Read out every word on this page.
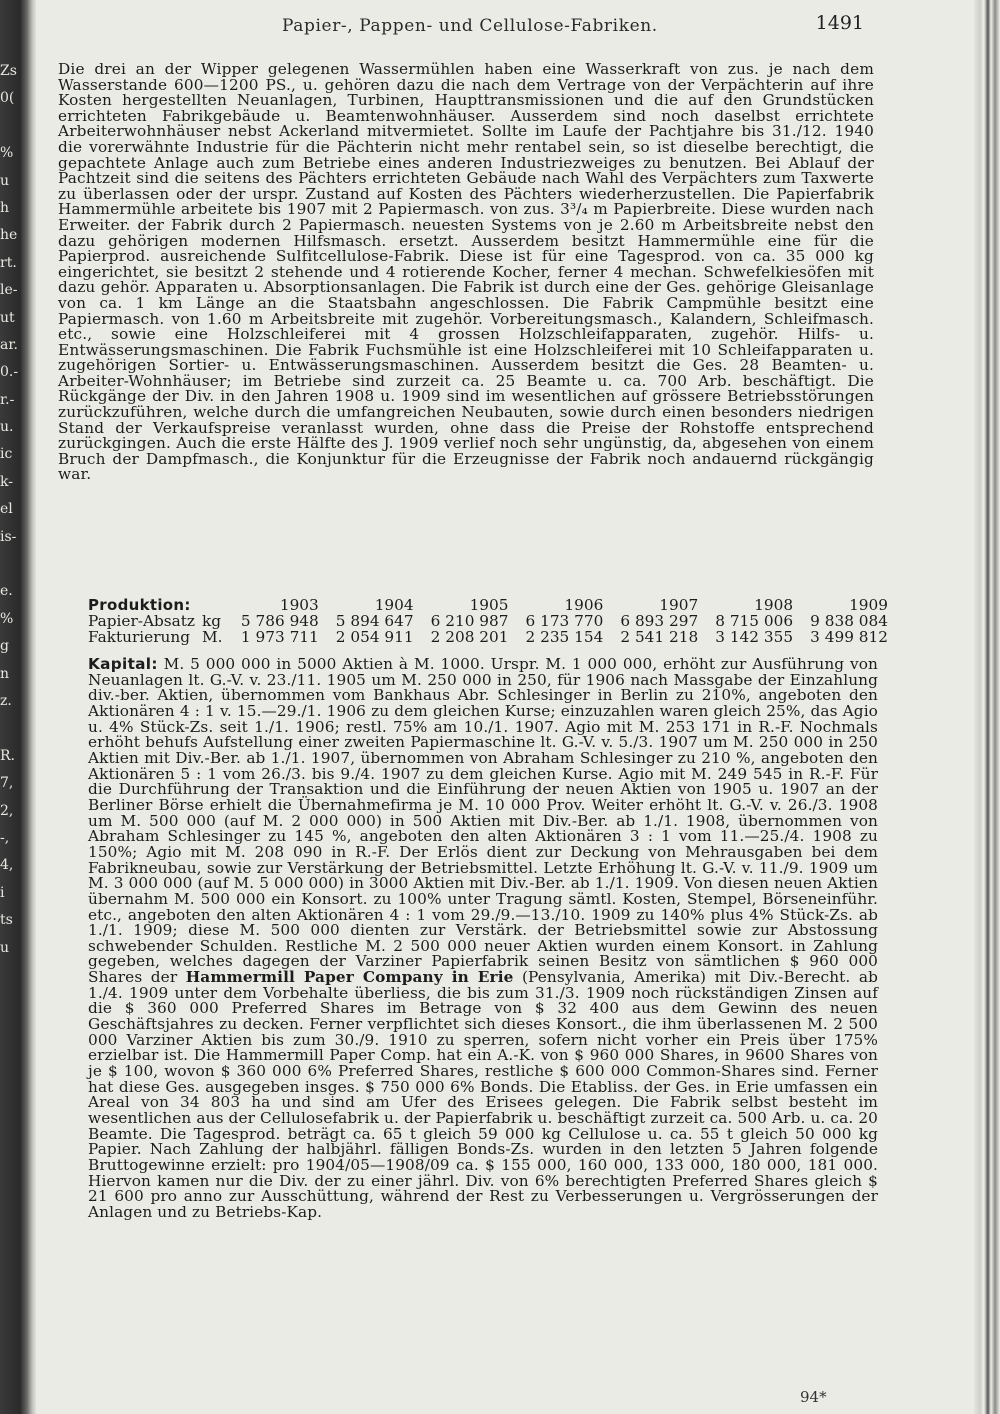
Zs
0(
%
u
h
he
rt.
le-
ut
ar.
0.-
r.-
u.
ic
k-
el
is-
e.
%
g
n
z.
R.
7,
2,
-,
4,
i
ts
u
Papier-, Pappen- und Cellulose-Fabriken.	1491

Die drei an der Wipper gelegenen Wassermühlen haben eine Wasserkraft von zus. je nach dem Wasserstande 600—1200 PS., u. gehören dazu die nach dem Vertrage von der Verpächterin auf ihre Kosten hergestellten Neuanlagen, Turbinen, Haupttransmissionen und die auf den Grundstücken errichteten Fabrikgebäude u. Beamtenwohnhäuser. Ausserdem sind noch daselbst errichtete Arbeiterwohnhäuser nebst Ackerland mitvermietet. Sollte im Laufe der Pachtjahre bis 31./12. 1940 die vorerwähnte Industrie für die Pächterin nicht mehr rentabel sein, so ist dieselbe berechtigt, die gepachtete Anlage auch zum Betriebe eines anderen Industriezweiges zu benutzen. Bei Ablauf der Pachtzeit sind die seitens des Pächters errichteten Gebäude nach Wahl des Verpächters zum Taxwerte zu überlassen oder der urspr. Zustand auf Kosten des Pächters wiederherzustellen. Die Papierfabrik Hammermühle arbeitete bis 1907 mit 2 Papiermasch. von zus. 3³/₄ m Papierbreite. Diese wurden nach Erweiter. der Fabrik durch 2 Papiermasch. neuesten Systems von je 2.60 m Arbeitsbreite nebst den dazu gehörigen modernen Hilfsmasch. ersetzt. Ausserdem besitzt Hammermühle eine für die Papierprod. ausreichende Sulfitcellulose-Fabrik. Diese ist für eine Tagesprod. von ca. 35 000 kg eingerichtet, sie besitzt 2 stehende und 4 rotierende Kocher, ferner 4 mechan. Schwefelkiesöfen mit dazu gehör. Apparaten u. Absorptionsanlagen. Die Fabrik ist durch eine der Ges. gehörige Gleisanlage von ca. 1 km Länge an die Staatsbahn angeschlossen. Die Fabrik Campmühle besitzt eine Papiermasch. von 1.60 m Arbeitsbreite mit zugehör. Vorbereitungsmasch., Kalandern, Schleifmasch. etc., sowie eine Holzschleiferei mit 4 grossen Holzschleifapparaten, zugehör. Hilfs- u. Entwässerungsmaschinen. Die Fabrik Fuchsmühle ist eine Holzschleiferei mit 10 Schleifapparaten u. zugehörigen Sortier- u. Entwässerungsmaschinen. Ausserdem besitzt die Ges. 28 Beamten- u. Arbeiter-Wohnhäuser; im Betriebe sind zurzeit ca. 25 Beamte u. ca. 700 Arb. beschäftigt. Die Rückgänge der Div. in den Jahren 1908 u. 1909 sind im wesentlichen auf grössere Betriebsstörungen zurückzuführen, welche durch die umfangreichen Neubauten, sowie durch einen besonders niedrigen Stand der Verkaufspreise veranlasst wurden, ohne dass die Preise der Rohstoffe entsprechend zurückgingen. Auch die erste Hälfte des J. 1909 verlief noch sehr ungünstig, da, abgesehen von einem Bruch der Dampfmasch., die Konjunktur für die Erzeugnisse der Fabrik noch andauernd rückgängig war.

Produktion:		1903	1904	1905	1906	1907	1908	1909
Papier-Absatz	kg	5 786 948	5 894 647	6 210 987	6 173 770	6 893 297	8 715 006	9 838 084
Fakturierung	M.	1 973 711	2 054 911	2 208 201	2 235 154	2 541 218	3 142 355	3 499 812

Kapital: M. 5 000 000 in 5000 Aktien à M. 1000. Urspr. M. 1 000 000, erhöht zur Ausführung von Neuanlagen lt. G.-V. v. 23./11. 1905 um M. 250 000 in 250, für 1906 nach Massgabe der Einzahlung div.-ber. Aktien, übernommen vom Bankhaus Abr. Schlesinger in Berlin zu 210%, angeboten den Aktionären 4 : 1 v. 15.—29./1. 1906 zu dem gleichen Kurse; einzuzahlen waren gleich 25%, das Agio u. 4% Stück-Zs. seit 1./1. 1906; restl. 75% am 10./1. 1907. Agio mit M. 253 171 in R.-F. Nochmals erhöht behufs Aufstellung einer zweiten Papiermaschine lt. G.-V. v. 5./3. 1907 um M. 250 000 in 250 Aktien mit Div.-Ber. ab 1./1. 1907, übernommen von Abraham Schlesinger zu 210 %, angeboten den Aktionären 5 : 1 vom 26./3. bis 9./4. 1907 zu dem gleichen Kurse. Agio mit M. 249 545 in R.-F. Für die Durchführung der Transaktion und die Einführung der neuen Aktien von 1905 u. 1907 an der Berliner Börse erhielt die Übernahmefirma je M. 10 000 Prov. Weiter erhöht lt. G.-V. v. 26./3. 1908 um M. 500 000 (auf M. 2 000 000) in 500 Aktien mit Div.-Ber. ab 1./1. 1908, übernommen von Abraham Schlesinger zu 145 %, angeboten den alten Aktionären 3 : 1 vom 11.—25./4. 1908 zu 150%; Agio mit M. 208 090 in R.-F. Der Erlös dient zur Deckung von Mehrausgaben bei dem Fabrikneubau, sowie zur Verstärkung der Betriebsmittel. Letzte Erhöhung lt. G.-V. v. 11./9. 1909 um M. 3 000 000 (auf M. 5 000 000) in 3000 Aktien mit Div.-Ber. ab 1./1. 1909. Von diesen neuen Aktien übernahm M. 500 000 ein Konsort. zu 100% unter Tragung sämtl. Kosten, Stempel, Börseneinführ. etc., angeboten den alten Aktionären 4 : 1 vom 29./9.—13./10. 1909 zu 140% plus 4% Stück-Zs. ab 1./1. 1909; diese M. 500 000 dienten zur Verstärk. der Betriebsmittel sowie zur Abstossung schwebender Schulden. Restliche M. 2 500 000 neuer Aktien wurden einem Konsort. in Zahlung gegeben, welches dagegen der Varziner Papierfabrik seinen Besitz von sämtlichen $ 960 000 Shares der Hammermill Paper Company in Erie (Pensylvania, Amerika) mit Div.-Berecht. ab 1./4. 1909 unter dem Vorbehalte überliess, die bis zum 31./3. 1909 noch rückständigen Zinsen auf die $ 360 000 Preferred Shares im Betrage von $ 32 400 aus dem Gewinn des neuen Geschäftsjahres zu decken. Ferner verpflichtet sich dieses Konsort., die ihm überlassenen M. 2 500 000 Varziner Aktien bis zum 30./9. 1910 zu sperren, sofern nicht vorher ein Preis über 175% erzielbar ist. Die Hammermill Paper Comp. hat ein A.-K. von $ 960 000 Shares, in 9600 Shares von je $ 100, wovon $ 360 000 6% Preferred Shares, restliche $ 600 000 Common-Shares sind. Ferner hat diese Ges. ausgegeben insges. $ 750 000 6% Bonds. Die Etabliss. der Ges. in Erie umfassen ein Areal von 34 803 ha und sind am Ufer des Erisees gelegen. Die Fabrik selbst besteht im wesentlichen aus der Cellulosefabrik u. der Papierfabrik u. beschäftigt zurzeit ca. 500 Arb. u. ca. 20 Beamte. Die Tagesprod. beträgt ca. 65 t gleich 59 000 kg Cellulose u. ca. 55 t gleich 50 000 kg Papier. Nach Zahlung der halbjährl. fälligen Bonds-Zs. wurden in den letzten 5 Jahren folgende Bruttogewinne erzielt: pro 1904/05—1908/09 ca. $ 155 000, 160 000, 133 000, 180 000, 181 000. Hiervon kamen nur die Div. der zu einer jährl. Div. von 6% berechtigten Preferred Shares gleich $ 21 600 pro anno zur Ausschüttung, während der Rest zu Verbesserungen u. Vergrösserungen der Anlagen und zu Betriebs-Kap.

94*
